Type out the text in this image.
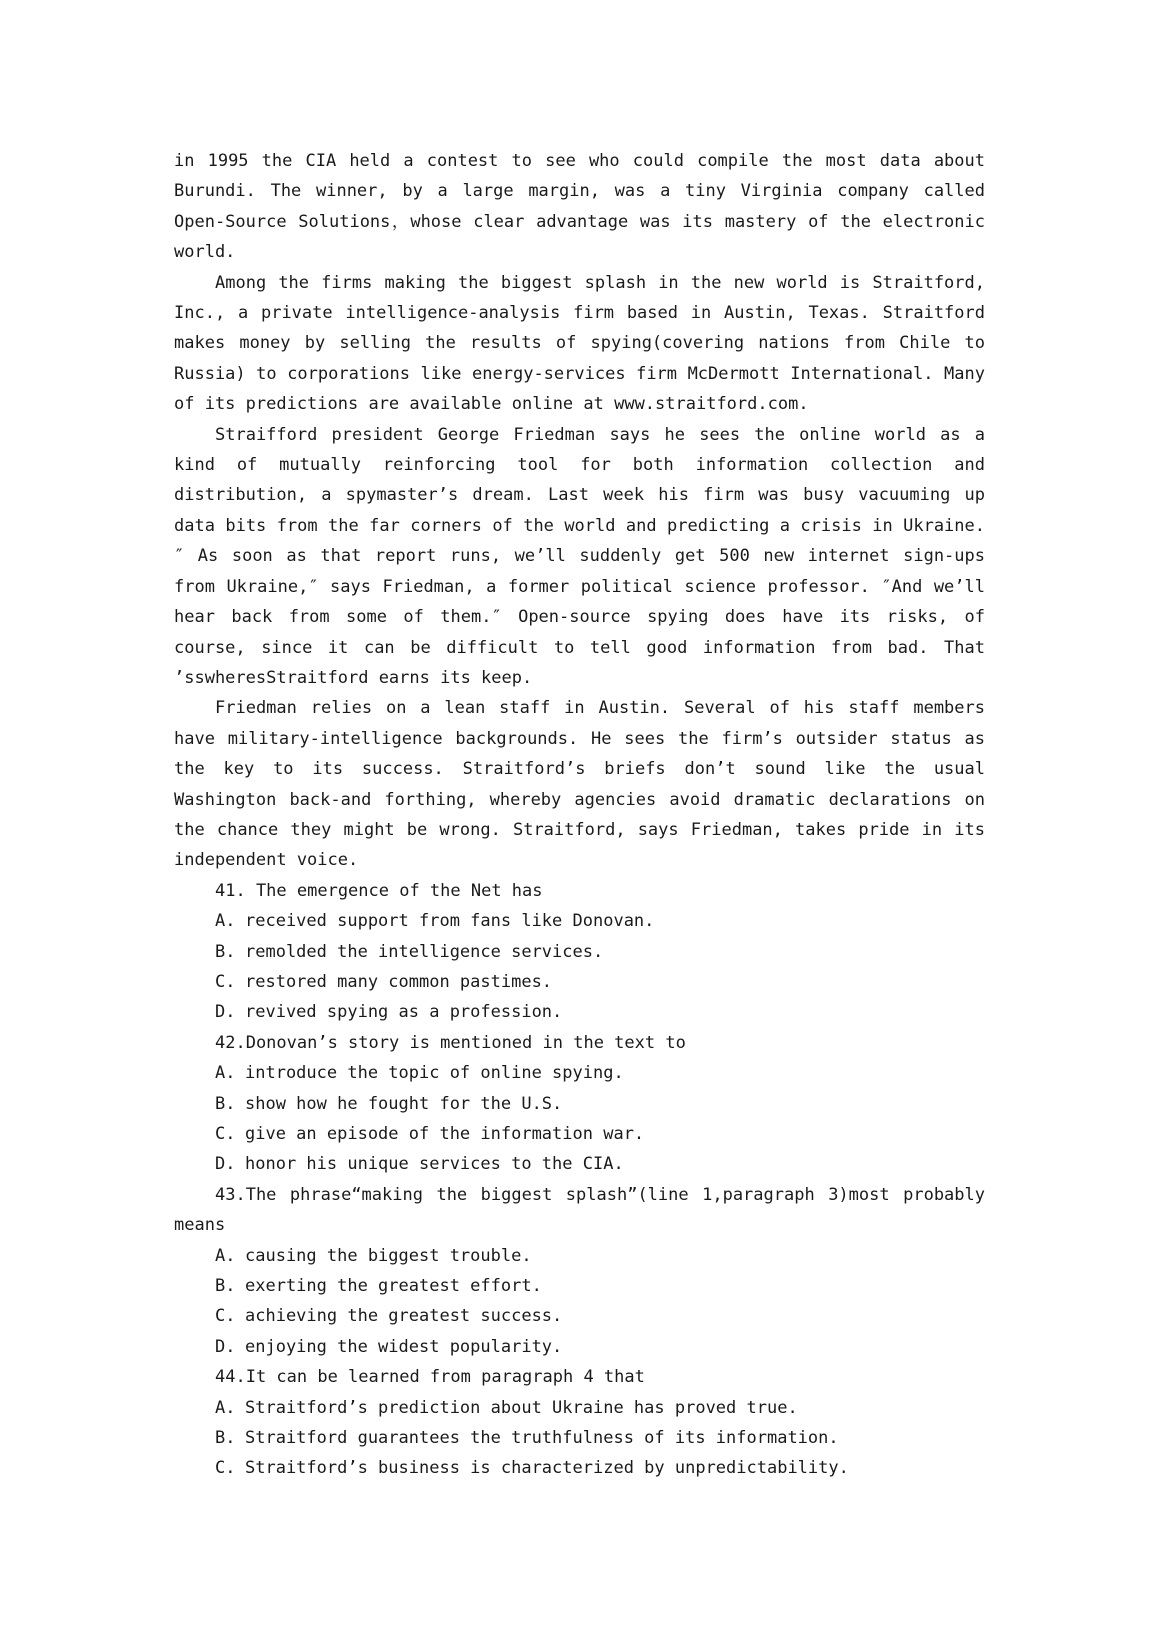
in 1995 the CIA held a contest to see who could compile the most data about Burundi. The winner, by a large margin, was a tiny Virginia company called Open-Source Solutions，whose clear advantage was its mastery of the electronic world.

Among the firms making the biggest splash in the new world is Straitford, Inc., a private intelligence-analysis firm based in Austin, Texas. Straitford makes money by selling the results of spying(covering nations from Chile to Russia) to corporations like energy-services firm McDermott International. Many of its predictions are available online at www.straitford.com.

Straifford president George Friedman says he sees the online world as a kind of mutually reinforcing tool for both information collection and distribution, a spymaster’s dream. Last week his firm was busy vacuuming up data bits from the far corners of the world and predicting a crisis in Ukraine.″ As soon as that report runs, we’ll suddenly get 500 new internet sign-ups from Ukraine,″ says Friedman, a former political science professor. ″And we’ll hear back from some of them.″ Open-source spying does have its risks, of course, since it can be difficult to tell good information from bad. That ’sswheresStraitford earns its keep.

Friedman relies on a lean staff in Austin. Several of his staff members have military-intelligence backgrounds. He sees the firm’s outsider status as the key to its success. Straitford’s briefs don’t sound like the usual Washington back-and forthing, whereby agencies avoid dramatic declarations on the chance they might be wrong. Straitford, says Friedman, takes pride in its independent voice.

41. The emergence of the Net has

A. received support from fans like Donovan.

B. remolded the intelligence services.

C. restored many common pastimes.

D. revived spying as a profession.

42.Donovan’s story is mentioned in the text to

A. introduce the topic of online spying.

B. show how he fought for the U.S.

C. give an episode of the information war.

D. honor his unique services to the CIA.

43.The phrase“making the biggest splash”(line 1,paragraph 3)most probably means

A. causing the biggest trouble.

B. exerting the greatest effort.

C. achieving the greatest success.

D. enjoying the widest popularity.

44.It can be learned from paragraph 4 that

A. Straitford’s prediction about Ukraine has proved true.

B. Straitford guarantees the truthfulness of its information.

C. Straitford’s business is characterized by unpredictability.
